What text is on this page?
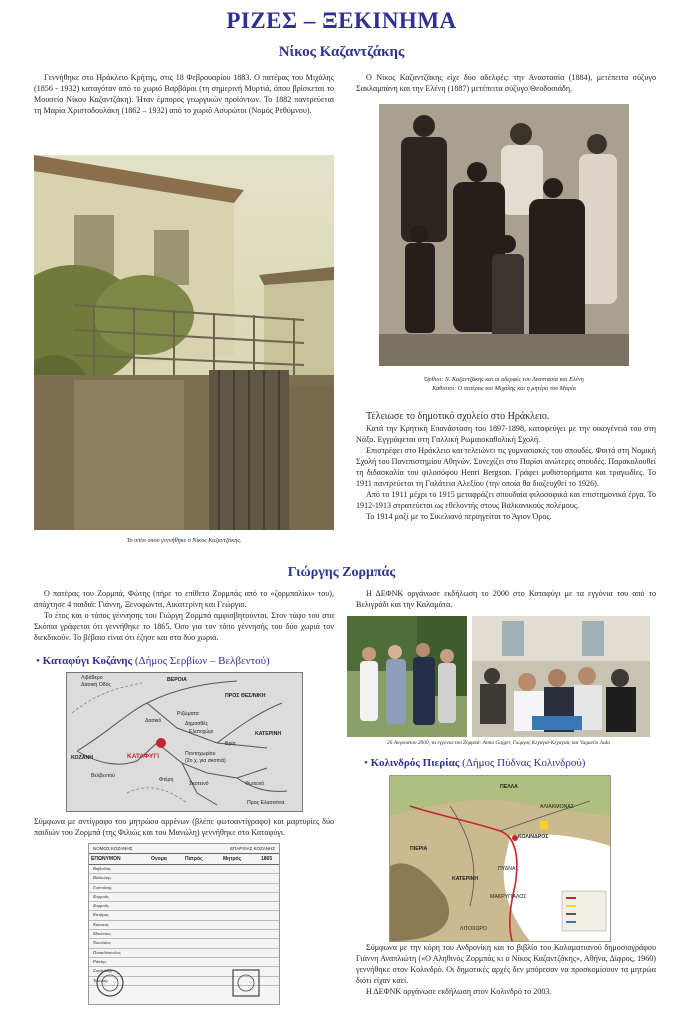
ΡΙΖΕΣ – ΞΕΚΙΝΗΜΑ
Νίκος Καζαντζάκης

Γεννήθηκε στο Ηράκλειο Κρήτης, στις 18 Φεβρουαρίου 1883. Ο πατέρας του Μιχάλης (1856 - 1932) καταγόταν από το χωριό Βαρβάροι (τη σημερινή Μυρτιά, όπου βρίσκεται το Μουσείο Νίκου Καζαντζάκη). Ήταν έμπορος γεωργικών προϊόντων. Το 1882 παντρεύεται τη Μαρία Χριστοδουλάκη (1862 – 1932) από το χωριό Ασυρώτοι (Νομός Ρεθύμνου).

Ο Νίκος Καζαντζάκης είχε δύο αδελφές: την Αναστασία (1884), μετέπειτα σύζυγο Σακλαμπάνη και την Ελένη (1887) μετέπειτα σύζυγο Θεοδοσιάδη.

Το σπίτι όπου γεννήθηκε ο Νίκος Καζαντζάκης.
Όρθιοι: Ν. Καζαντζάκης και οι αδερφές του Αναστασία και Ελένη
Καθιστοί: Ο πατέρας του Μιχάλης και η μητέρα του Μαρία

Τέλειωσε το δημοτικό σχολείο στο Ηράκλειο.

Κατά την Κρητική Επανάσταση του 1897-1898, καταφεύγει με την οικογένειά του στη Νάξο. Εγγράφεται στη Γαλλική Ρωμαιοκαθολική Σχολή.

Επιστρέφει στο Ηράκλειο και τελειώνει τις γυμνασιακές του σπουδές. Φοιτά στη Νομική Σχολή του Πανεπιστημίου Αθηνών. Συνεχίζει στο Παρίσι ανώτερες σπουδές. Παρακολουθεί τη διδασκαλία του φιλοσόφου Henri Bergson. Γράφει μυθιστορήματα και τραγωδίες. Το 1911 παντρεύεται τη Γαλάτεια Αλεξίου (την οποία θα διαζευχθεί το 1926).

Από το 1911 μέχρι το 1915 μεταφράζει σπουδαία φιλοσοφικά και επιστημονικά έργα. Το 1912-1913 στρατεύεται ως εθελοντής στους Βαλκανικούς πολέμους.

Το 1914 μαζί με το Σικελιανό περιηγείται το Άγιον Όρος.

Γιώργης Ζορμπάς

Ο πατέρας του Ζορμπά, Φώτης (πήρε το επίθετο Ζορμπάς από το «ζορμπαλίκι» του), απόχτησε 4 παιδιά: Γιάννη, Ξενοφώντα, Αικατερίνη και Γεώργιο.

Το έτος και ο τόπος γέννησης του Γιώργη Ζορμπά αμφισβητούνται. Στον τάφο του στα Σκόπια γράφεται ότι γεννήθηκε το 1865. Όσο για τον τόπο γέννησής του δύο χωριά τον διεκδικούν. Το βέβαιο είναι ότι έζησε και στα δύο χωριά.

• Καταφύγι Κοζάνης (Δήμος Σερβίων – Βελβεντού)
Λιβάδερο
Δασική Οδός
ΒΕΡΟΙΑ
ΠΡΟΣ ΘΕΣ/ΝΙΚΗ
Ριζώματα
Δασκιό	Δημοσθές
Ελατοχώρι
Βρία
ΚΑΤΕΡΙΝΗ
ΚΟΖΑΝΗ	ΚΑΤΑΦΥΓΙ	Ποντοχωρίου
(2ο χ. για σκοπιά)
Βελβεντού
Φτέρη
Σκοτεινό	Φωτεινό
Προς Ελασσόνα

Σύμφωνα με αντίγραφο του μητρώου αρρένων (βλέπε φωτοαντίγραφο) και μαρτυρίες δύο παιδιών του Ζορμπά (της Φιλιώς και του Μανώλη) γεννήθηκε στο Καταφύγι.

ΝΟΜΟΣ ΚΟΖΑΝΗΣ	ΕΠΑΡΧΙΑΣ ΚΟΖΑΝΗΣ
ΕΠΩΝΥΜΟΝ	Ονομα	Πατρός	Μητρός	1865
Βαβούλας
Βιλλιώτης
Γιαννάκης
Ζορμπάς
Ζορμπάς
Κατάρας
Κακατός
Μπούσιος
Νικολάου
Παπαδόπουλος
Ράπτης
Σουλιώτης
Τσιώρης

Η ΔΕΦΝΚ οργάνωσε εκδήλωση το 2000 στο Καταφύγι με τα εγγόνια του από το Βελιγράδι και την Καλαμάτα.

26 Αυγούστου 2000, τα εγγόνια του Ζορμπά: Anna Gajger, Γιώργος Κεχαγιά-Κεχαγιάς και Vaguelis Jada
• Κολινδρός Πιερίας (Δήμος Πύδνας Κολινδρού)
ΠΕΛΛΑ
ΚΟΛΙΝΔΡΟΣ
ΚΑΤΕΡΙΝΗ
ΠΥΔΝΑ
ΜΑΚΡΥΓΙΑΛΟΣ
ΑΛΙΑΚΜΟΝΑΣ
ΛΙΤΟΧΩΡΟ
ΠΙΕΡΙΑ

Σύμφωνα με την κόρη του Ανδρονίκη και το βιβλίο του Καλαματιανού δημοσιογράφου Γιάννη Αναπλιώτη («Ο Αληθινός Ζορμπάς κι ο Νίκος Καζαντζάκης», Αθήνα, Δίφρος, 1960) γεννήθηκε στον Κολινδρό. Οι δημοτικές αρχές δεν μπόρεσαν να προσκομίσουν τα μητρώα διότι είχαν καεί.

Η ΔΕΦΝΚ οργάνωσε εκδήλωση στον Κολινδρό το 2003.
